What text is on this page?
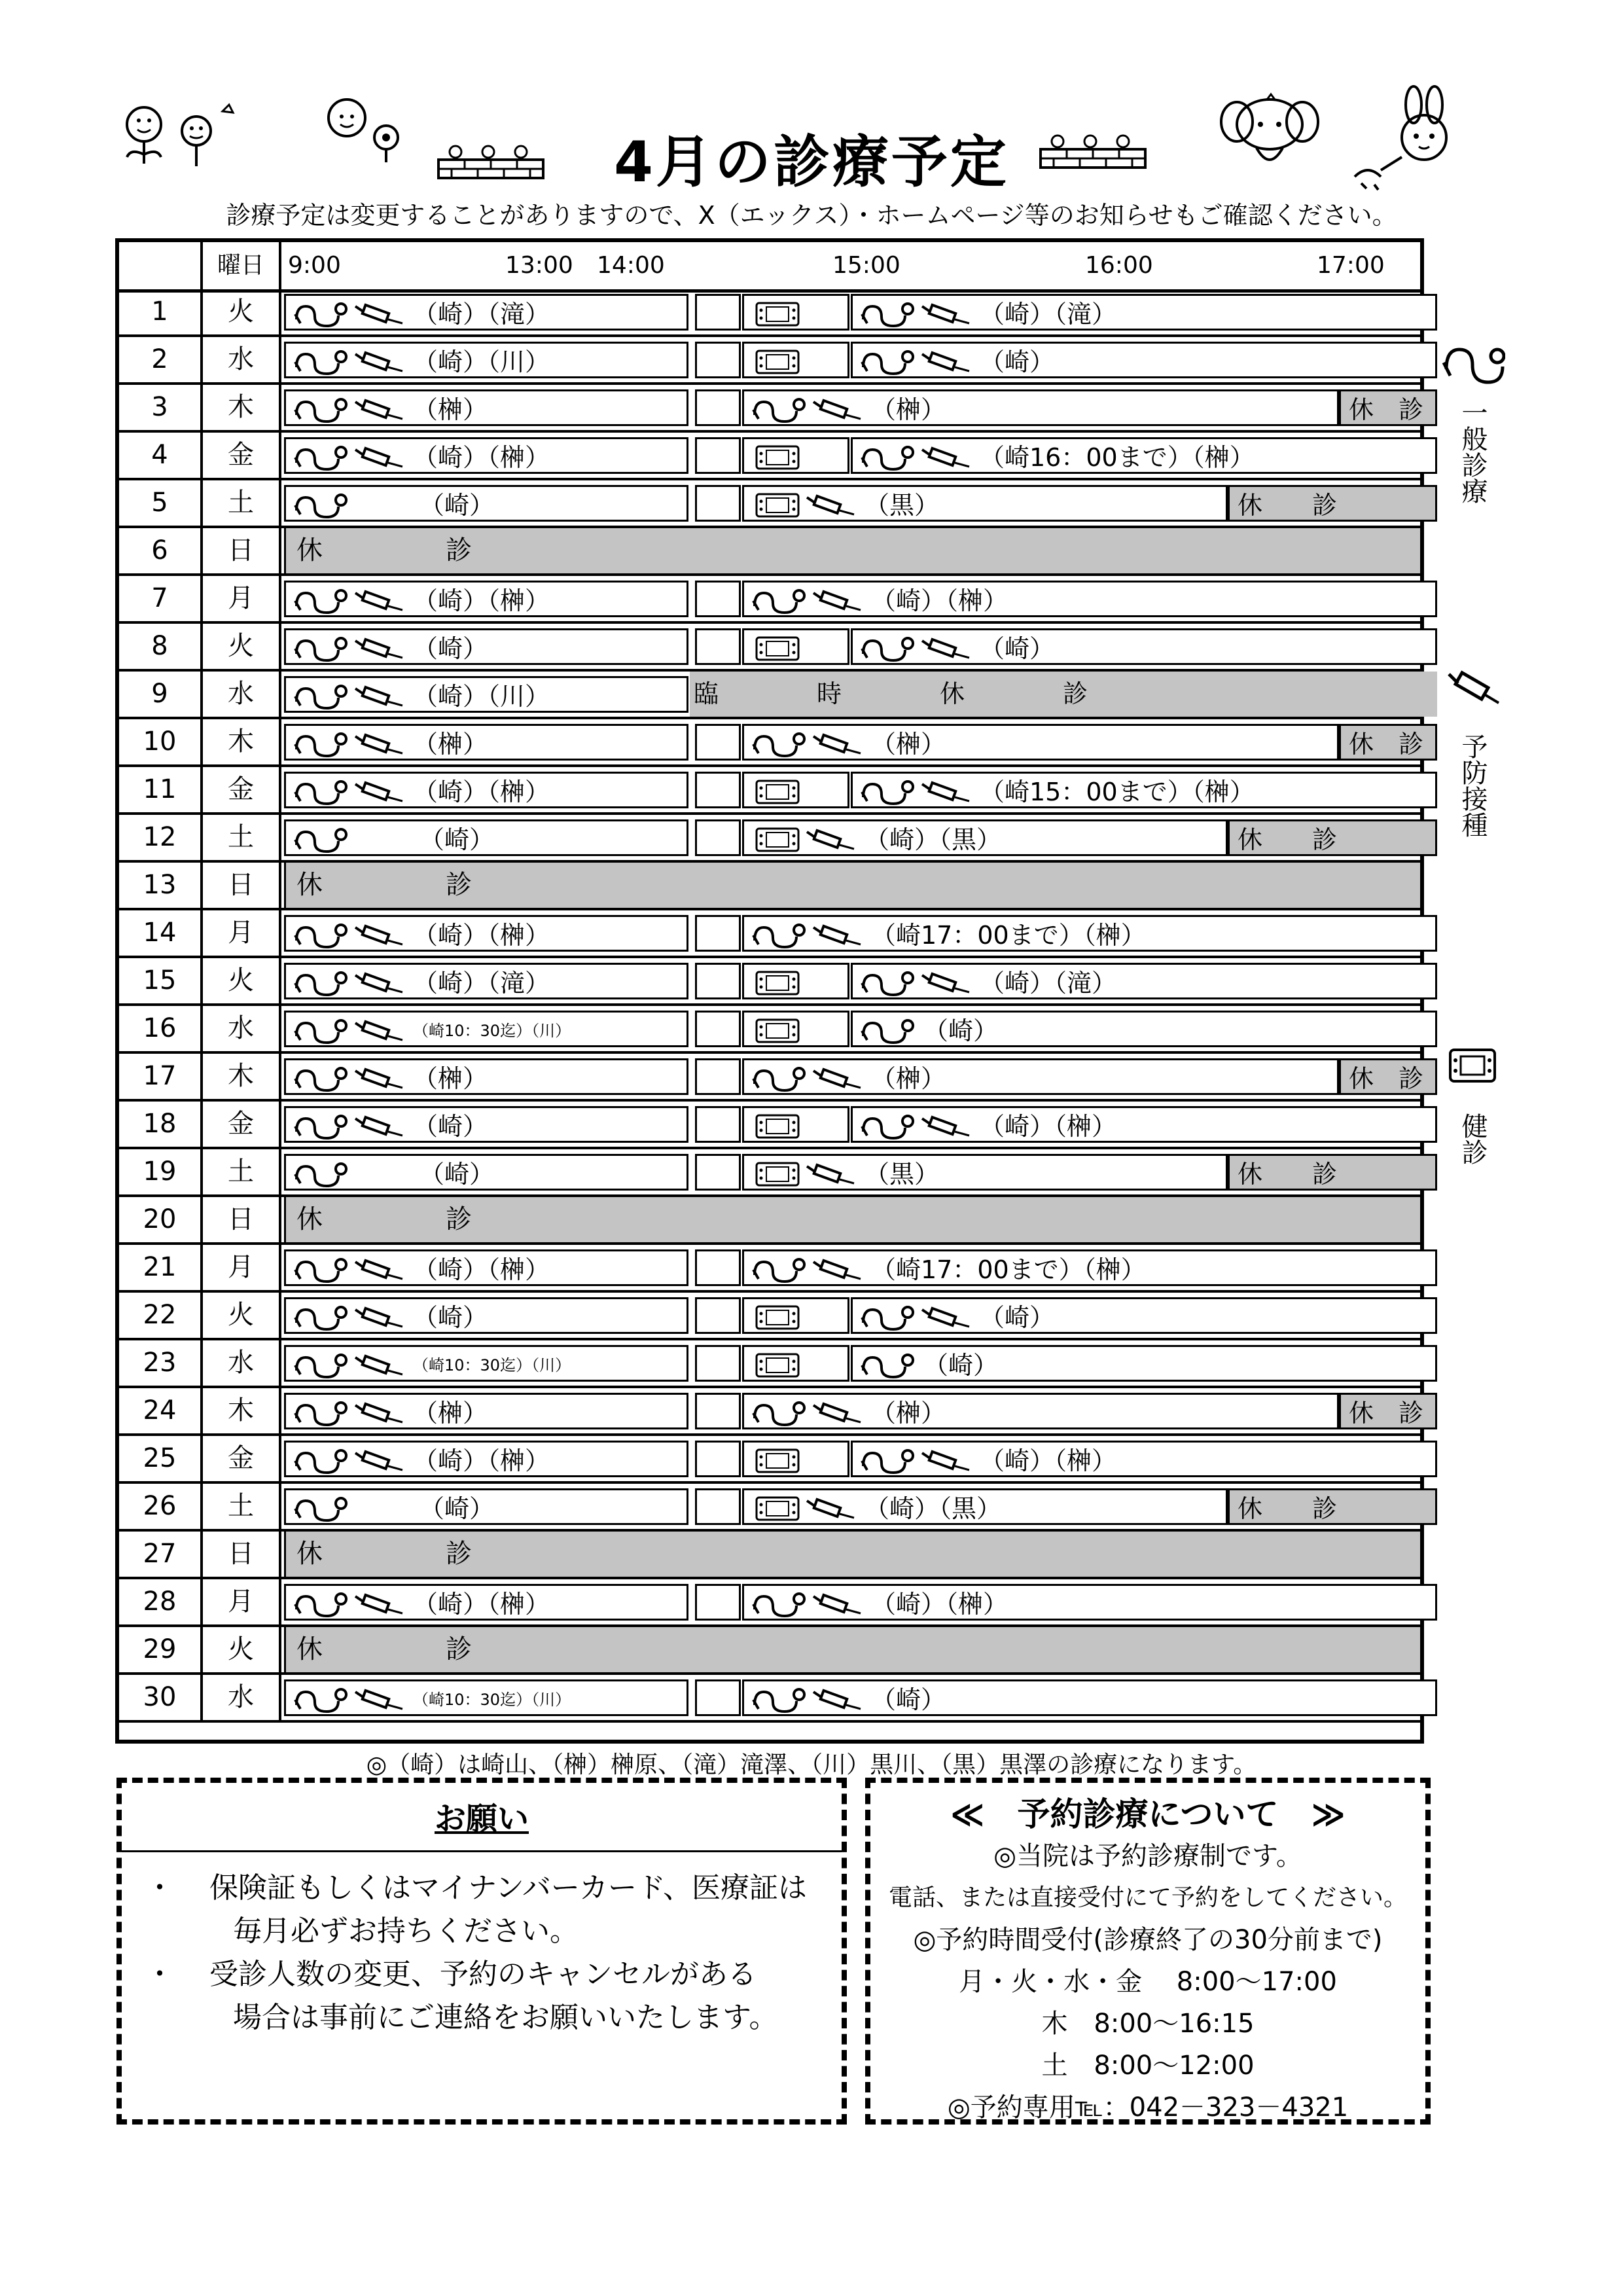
4月の診療予定
診療予定は変更することがありますので、X（エックス）・ホームページ等のお知らせもご確認ください。
曜日	9:00	13:00 14:00	15:00	16:00	17:00
1	火	（崎）（滝）	（崎）（滝）
2	水	（崎）（川）	（崎）
3	木	（榊）	（榊）	休　診
4	金	（崎）（榊）	（崎16：00まで）（榊）
5	土	（崎）	（黒）	休　　診
6	日	休　　診
7	月	（崎）（榊）	（崎）（榊）
8	火	（崎）	（崎）
9	水	（崎）（川）	臨　時　休　診
10	木	（榊）	（榊）	休　診
11	金	（崎）（榊）	（崎15：00まで）（榊）
12	土	（崎）	（崎）（黒）	休　　診
13	日	休　　診
14	月	（崎）（榊）	（崎17：00まで）（榊）
15	火	（崎）（滝）	（崎）（滝）
16	水	（崎10：30迄）（川）	（崎）
17	木	（榊）	（榊）	休　診
18	金	（崎）	（崎）（榊）
19	土	（崎）	（黒）	休　　診
20	日	休　　診
21	月	（崎）（榊）	（崎17：00まで）（榊）
22	火	（崎）	（崎）
23	水	（崎10：30迄）（川）	（崎）
24	木	（榊）	（榊）	休　診
25	金	（崎）（榊）	（崎）（榊）
26	土	（崎）	（崎）（黒）	休　　診
27	日	休　　診
28	月	（崎）（榊）	（崎）（榊）
29	火	休　　診
30	水	（崎10：30迄）（川）	（崎）
一般診療
予防接種
健診
◎（崎）は崎山、（榊）榊原、（滝）滝澤、（川）黒川、（黒）黒澤の診療になります。
お願い
・ 保険証もしくはマイナンバーカード、医療証は
毎月必ずお持ちください。
・ 受診人数の変更、予約のキャンセルがある
場合は事前にご連絡をお願いいたします。
≪　予約診療について　≫
◎当院は予約診療制です。
電話、または直接受付にて予約をしてください。
◎予約時間受付(診療終了の30分前まで)
月・火・水・金　 8:00～17:00
木　8:00～16:15
土　8:00～12:00
◎予約専用℡：042－323－4321
